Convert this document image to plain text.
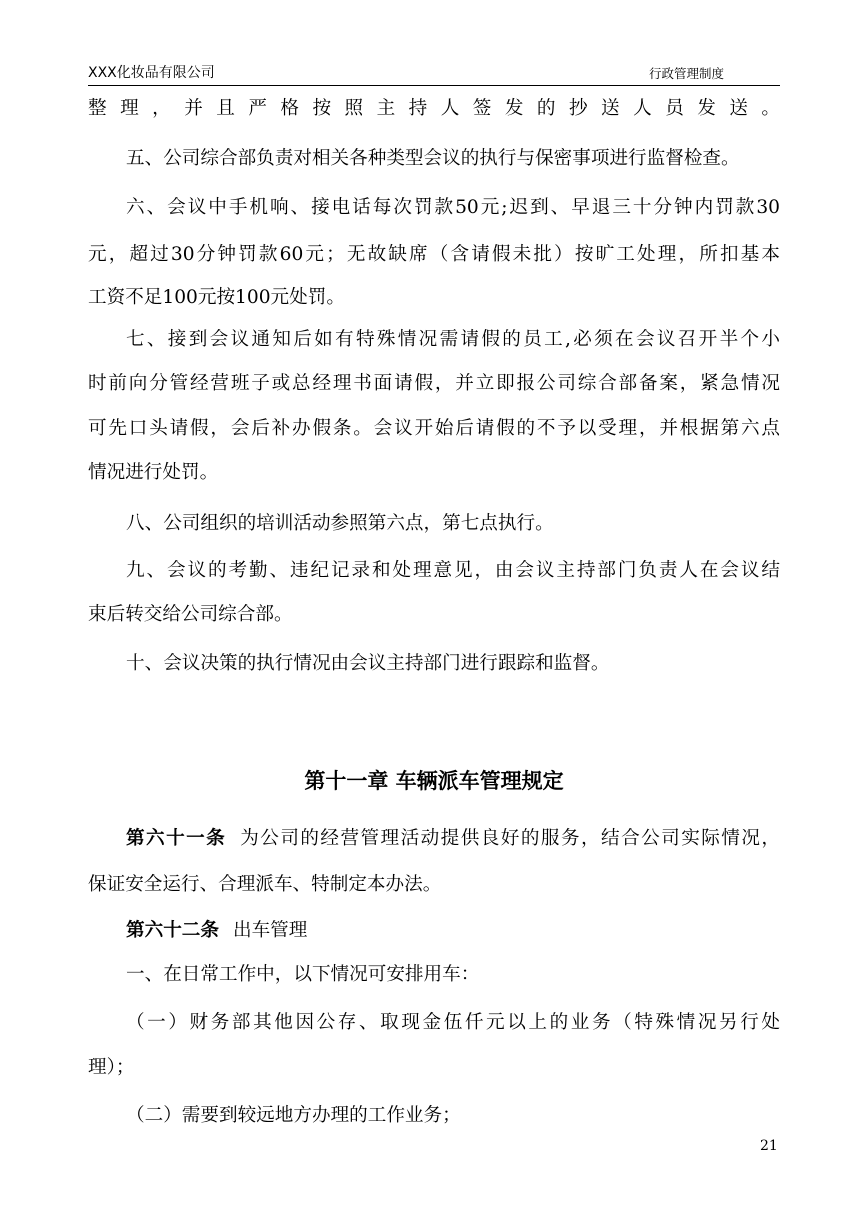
XXX化妆品有限公司	行政管理制度
整理，并且严格按照主持人签发的抄送人员发送。
五、公司综合部负责对相关各种类型会议的执行与保密事项进行监督检查。
六、会议中手机响、接电话每次罚款50元;迟到、早退三十分钟内罚款30
元，超过30分钟罚款60元；无故缺席（含请假未批）按旷工处理，所扣基本
工资不足100元按100元处罚。
七、接到会议通知后如有特殊情况需请假的员工,必须在会议召开半个小
时前向分管经营班子或总经理书面请假，并立即报公司综合部备案，紧急情况
可先口头请假，会后补办假条。会议开始后请假的不予以受理，并根据第六点
情况进行处罚。
八、公司组织的培训活动参照第六点，第七点执行。
九、会议的考勤、违纪记录和处理意见，由会议主持部门负责人在会议结
束后转交给公司综合部。
十、会议决策的执行情况由会议主持部门进行跟踪和监督。
第十一章 车辆派车管理规定
第六十一条 为公司的经营管理活动提供良好的服务，结合公司实际情况，
保证安全运行、合理派车、特制定本办法。
第六十二条 出车管理
一、在日常工作中，以下情况可安排用车：
（一）财务部其他因公存、取现金伍仟元以上的业务（特殊情况另行处
理）；
（二）需要到较远地方办理的工作业务；
21
